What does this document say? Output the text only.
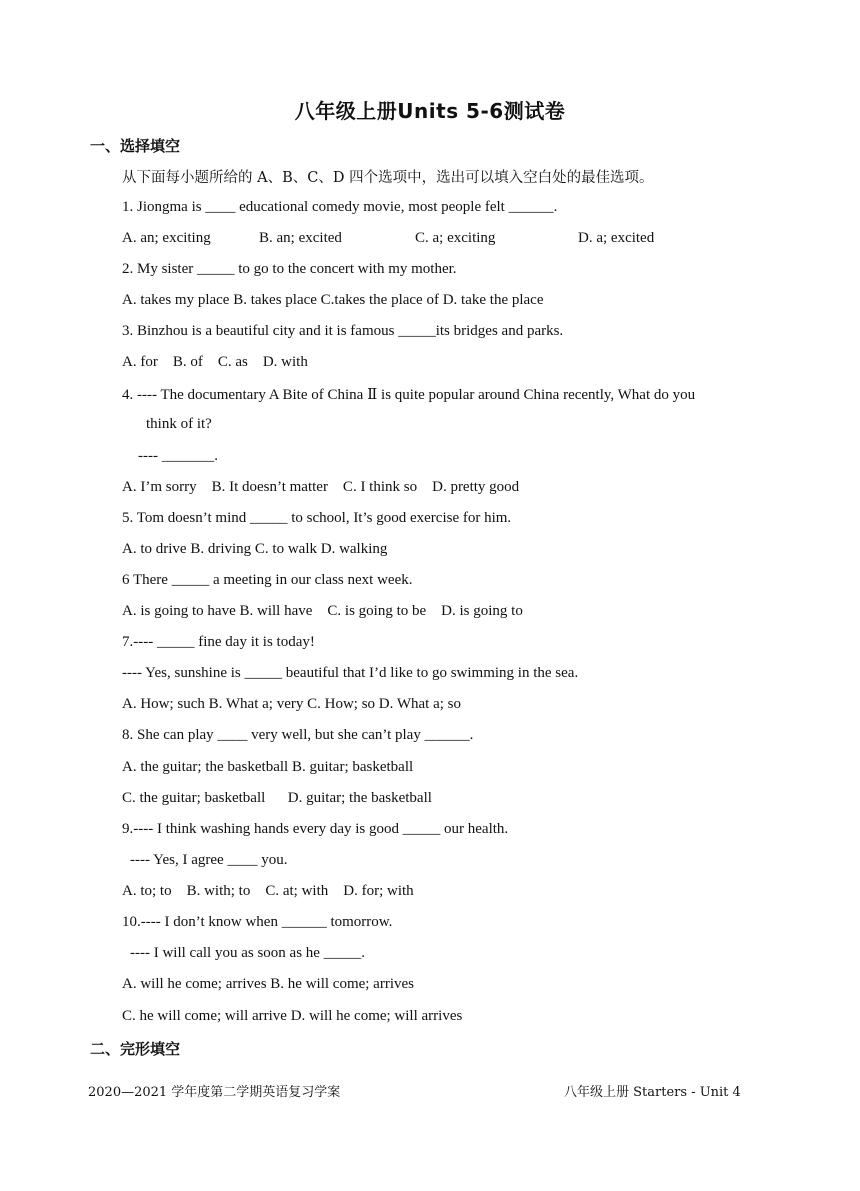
八年级上册Units 5-6测试卷
一、选择填空
从下面每小题所给的 A、B、C、D 四个选项中，选出可以填入空白处的最佳选项。
1. Jiongma is ____ educational comedy movie, most people felt ______.
A. an; exciting	B. an; excited	C. a; exciting	D. a; excited
2. My sister _____ to go to the concert with my mother.
A. takes my place B. takes place C.takes the place of D. take the place
3. Binzhou is a beautiful city and it is famous _____its bridges and parks.
A. for    B. of    C. as    D. with
4. ---- The documentary A Bite of China Ⅱ is quite popular around China recently, What do you
think of it?
---- _______.
A. I’m sorry    B. It doesn’t matter    C. I think so    D. pretty good
5. Tom doesn’t mind _____ to school, It’s good exercise for him.
A. to drive B. driving C. to walk D. walking
6 There _____ a meeting in our class next week.
A. is going to have B. will have    C. is going to be    D. is going to
7.---- _____ fine day it is today!
---- Yes, sunshine is _____ beautiful that I’d like to go swimming in the sea.
A. How; such B. What a; very C. How; so D. What a; so
8. She can play ____ very well, but she can’t play ______.
A. the guitar; the basketball B. guitar; basketball
C. the guitar; basketball      D. guitar; the basketball
9.---- I think washing hands every day is good _____ our health.
---- Yes, I agree ____ you.
A. to; to    B. with; to    C. at; with    D. for; with
10.---- I don’t know when ______ tomorrow.
---- I will call you as soon as he _____.
A. will he come; arrives B. he will come; arrives
C. he will come; will arrive D. will he come; will arrives
二、完形填空
2020—2021 学年度第二学期英语复习学案	八年级上册 Starters - Unit 4
